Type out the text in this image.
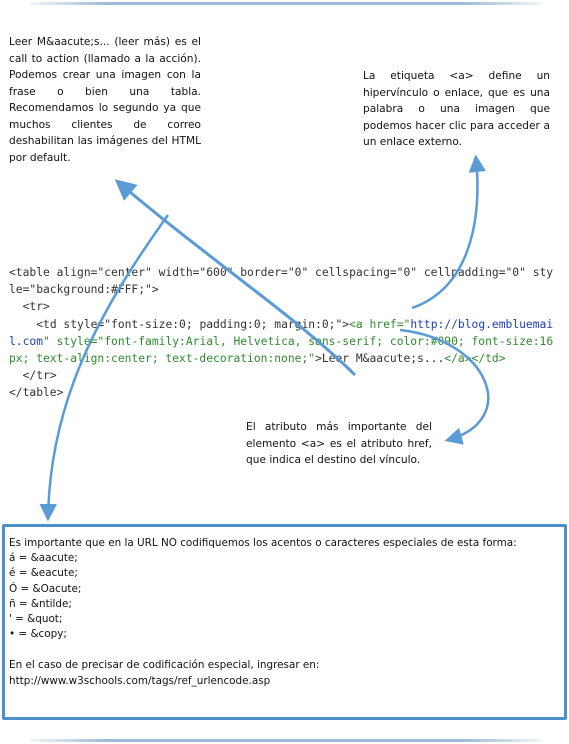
Leer M&aacute;s... (leer más) es el call to action (llamado a la acción). Podemos crear una imagen con la frase o bien una tabla. Recomendamos lo segundo ya que muchos clientes de correo deshabilitan las imágenes del HTML por default.

La etiqueta <a> define un hipervínculo o enlace, que es una palabra o una imagen que podemos hacer clic para acceder a un enlace externo.

El atributo más importante del elemento <a> es el atributo href, que indica el destino del vínculo.

<table align="center" width="600" border="0" cellspacing="0" cellpadding="0" style="background:#FFF;">
<tr>
<td style="font-size:0; padding:0; margin:0;"><a href="http://blog.embluemail.com" style="font-family:Arial, Helvetica, sans-serif; color:#090; font-size:16px; text-align:center; text-decoration:none;">Leer M&aacute;s...</a></td>
</tr>
</table>
Es importante que en la URL NO codifiquemos los acentos o caracteres especiales de esta forma:
á = &aacute;
é = &eacute;
Ó = &Oacute;
ñ = &ntilde;
' = &quot;
• = &copy;
En el caso de precisar de codificación especial, ingresar en: http://www.w3schools.com/tags/ref_urlencode.asp
